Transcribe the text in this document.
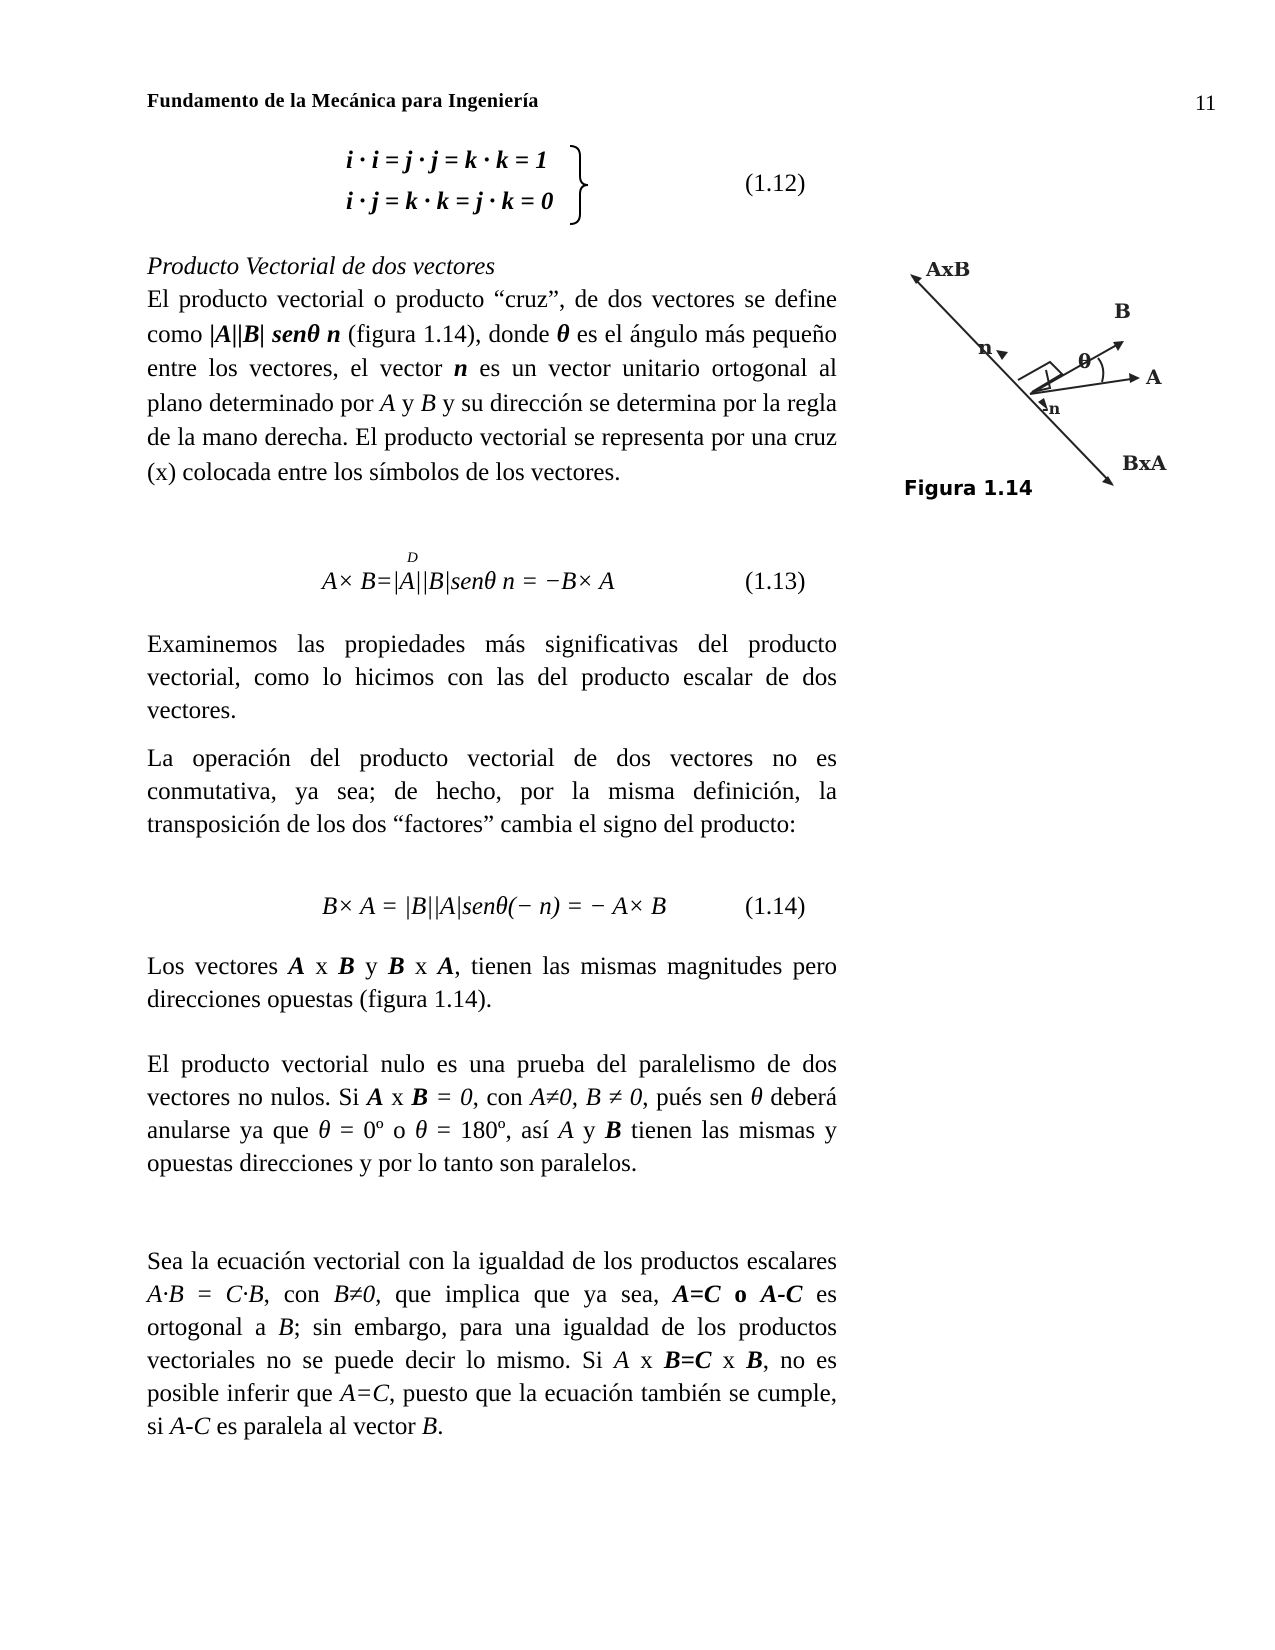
Fundamento de la Mecánica para Ingeniería	11
i · i = j · j = k · k = 1
i · j = k · k = j · k = 0
(1.12)
Producto Vectorial de dos vectores

El producto vectorial o producto “cruz”, de dos vectores se define como |A||B| senθ n (figura 1.14), donde θ es el ángulo más pequeño entre los vectores, el vector n es un vector unitario ortogonal al plano determinado por A y B y su dirección se determina por la regla de la mano derecha. El producto vectorial se representa por una cruz (x) colocada entre los símbolos de los vectores.

D
A× B=|A||B|senθ n = −B× A	(1.13)
Examinemos las propiedades más significativas del producto vectorial, como lo hicimos con las del producto escalar de dos vectores.
La operación del producto vectorial de dos vectores no es conmutativa, ya sea; de hecho, por la misma definición, la transposición de los dos “factores” cambia el signo del producto:
B× A = |B||A|senθ(− n) = − A× B	(1.14)

Los vectores A x B y B x A, tienen las mismas magnitudes pero direcciones opuestas (figura 1.14).

El producto vectorial nulo es una prueba del paralelismo de dos vectores no nulos. Si A x B = 0, con A≠0, B ≠ 0, pués sen θ deberá anularse ya que θ = 0º o θ = 180º, así A y B tienen las mismas y opuestas direcciones y por lo tanto son paralelos.

Sea la ecuación vectorial con la igualdad de los productos escalares A·B = C·B, con B≠0, que implica que ya sea, A=C o A-C es ortogonal a B; sin embargo, para una igualdad de los productos vectoriales no se puede decir lo mismo. Si A x B=C x B, no es posible inferir que A=C, puesto que la ecuación también se cumple, si A-C es paralela al vector B.

AxB
B
θ
A
n
-n
BxA
Figura 1.14
